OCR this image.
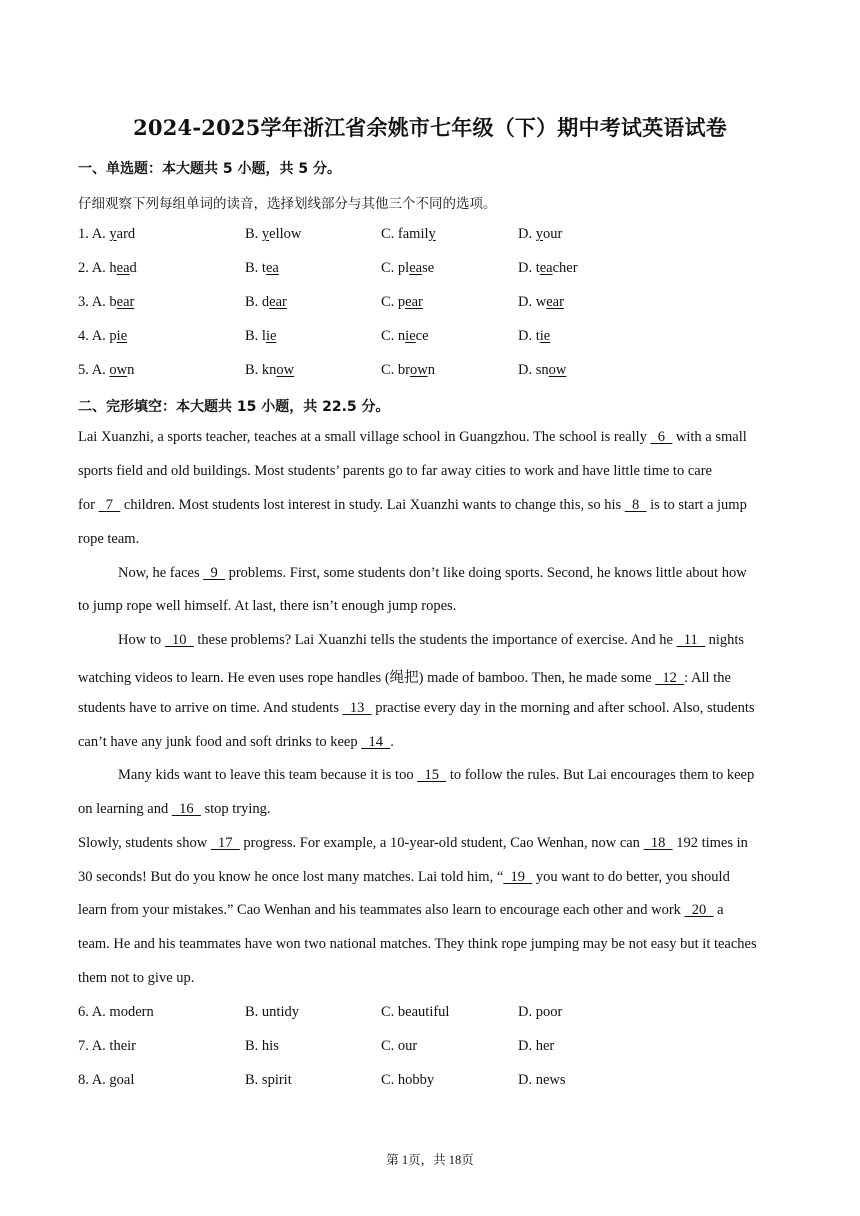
2024-2025学年浙江省余姚市七年级（下）期中考试英语试卷
一、单选题：本大题共 5 小题，共 5 分。
仔细观察下列每组单词的读音，选择划线部分与其他三个不同的选项。
1. A. yard	B. yellow	C. family	D. your
2. A. head	B. tea	C. please	D. teacher
3. A. bear	B. dear	C. pear	D. wear
4. A. pie	B. lie	C. niece	D. tie
5. A. own	B. know	C. brown	D. snow
二、完形填空：本大题共 15 小题，共 22.5 分。
Lai Xuanzhi, a sports teacher, teaches at a small village school in Guangzhou. The school is really   6   with a small
sports field and old buildings. Most students’ parents go to far away cities to work and have little time to care
for   7   children. Most students lost interest in study. Lai Xuanzhi wants to change this, so his   8   is to start a jump
rope team.
Now, he faces   9   problems. First, some students don’t like doing sports. Second, he knows little about how
to jump rope well himself. At last, there isn’t enough jump ropes.
How to   10   these problems? Lai Xuanzhi tells the students the importance of exercise. And he   11   nights
watching videos to learn. He even uses rope handles (绳把) made of bamboo. Then, he made some   12  : All the
students have to arrive on time. And students   13   practise every day in the morning and after school. Also, students
can’t have any junk food and soft drinks to keep   14  .
Many kids want to leave this team because it is too   15   to follow the rules. But Lai encourages them to keep
on learning and   16   stop trying.
Slowly, students show   17   progress. For example, a 10-year-old student, Cao Wenhan, now can   18   192 times in
30 seconds! But do you know he once lost many matches. Lai told him, “  19   you want to do better, you should
learn from your mistakes.” Cao Wenhan and his teammates also learn to encourage each other and work   20   a
team. He and his teammates have won two national matches. They think rope jumping may be not easy but it teaches
them not to give up.
6. A. modern	B. untidy	C. beautiful	D. poor
7. A. their	B. his	C. our	D. her
8. A. goal	B. spirit	C. hobby	D. news
第 1页，共 18页
